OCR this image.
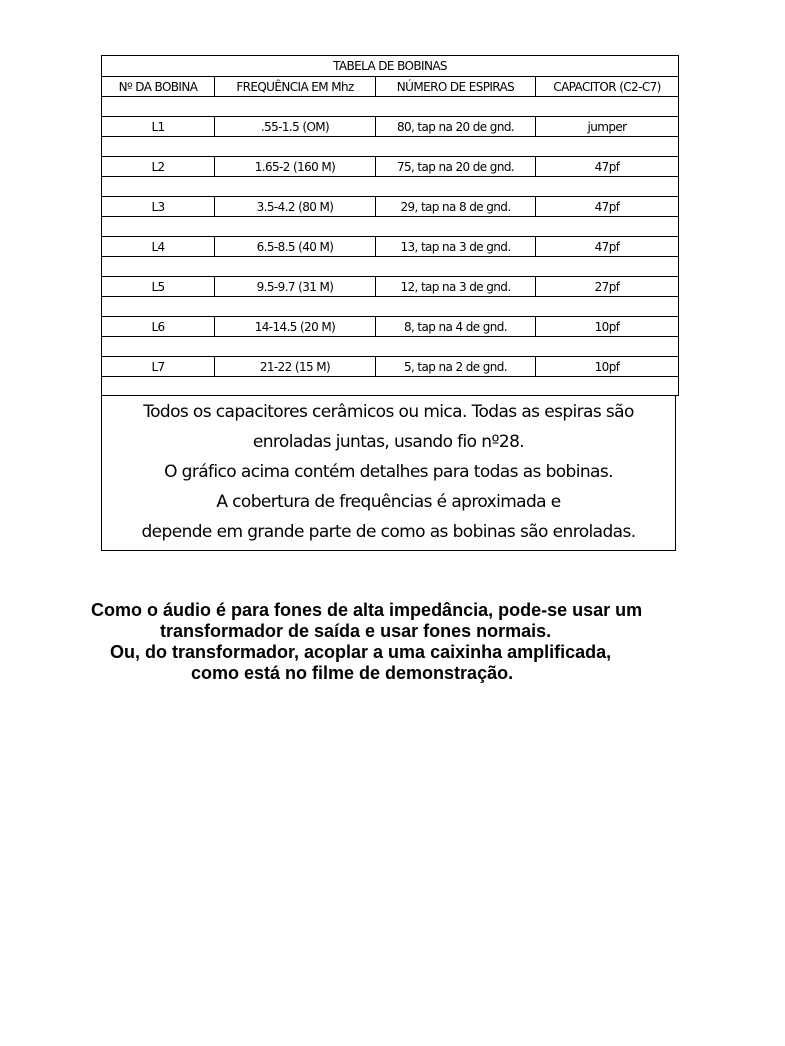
TABELA DE BOBINAS			
Nº DA BOBINA	FREQUÊNCIA EM Mhz	NÚMERO DE ESPIRAS	CAPACITOR (C2-C7)

L1	.55-1.5 (OM)	80, tap na 20 de gnd.	jumper

L2	1.65-2 (160 M)	75, tap na 20 de gnd.	47pf

L3	3.5-4.2 (80 M)	29, tap na 8 de gnd.	47pf

L4	6.5-8.5 (40 M)	13, tap na 3 de gnd.	47pf

L5	9.5-9.7 (31 M)	12, tap na 3 de gnd.	27pf

L6	14-14.5 (20 M)	8, tap na 4 de gnd.	10pf

L7	21-22 (15 M)	5, tap na 2 de gnd.	10pf

Todos os capacitores cerâmicos ou mica. Todas as espiras são
enroladas juntas, usando fio nº28.
O gráfico acima contém detalhes para todas as bobinas.
A cobertura de frequências é aproximada e
depende em grande parte de como as bobinas são enroladas.
Como o áudio é para fones de alta impedância, pode-se usar um
transformador de saída e usar fones normais.
Ou, do transformador, acoplar a uma caixinha amplificada,
como está no filme de demonstração.
